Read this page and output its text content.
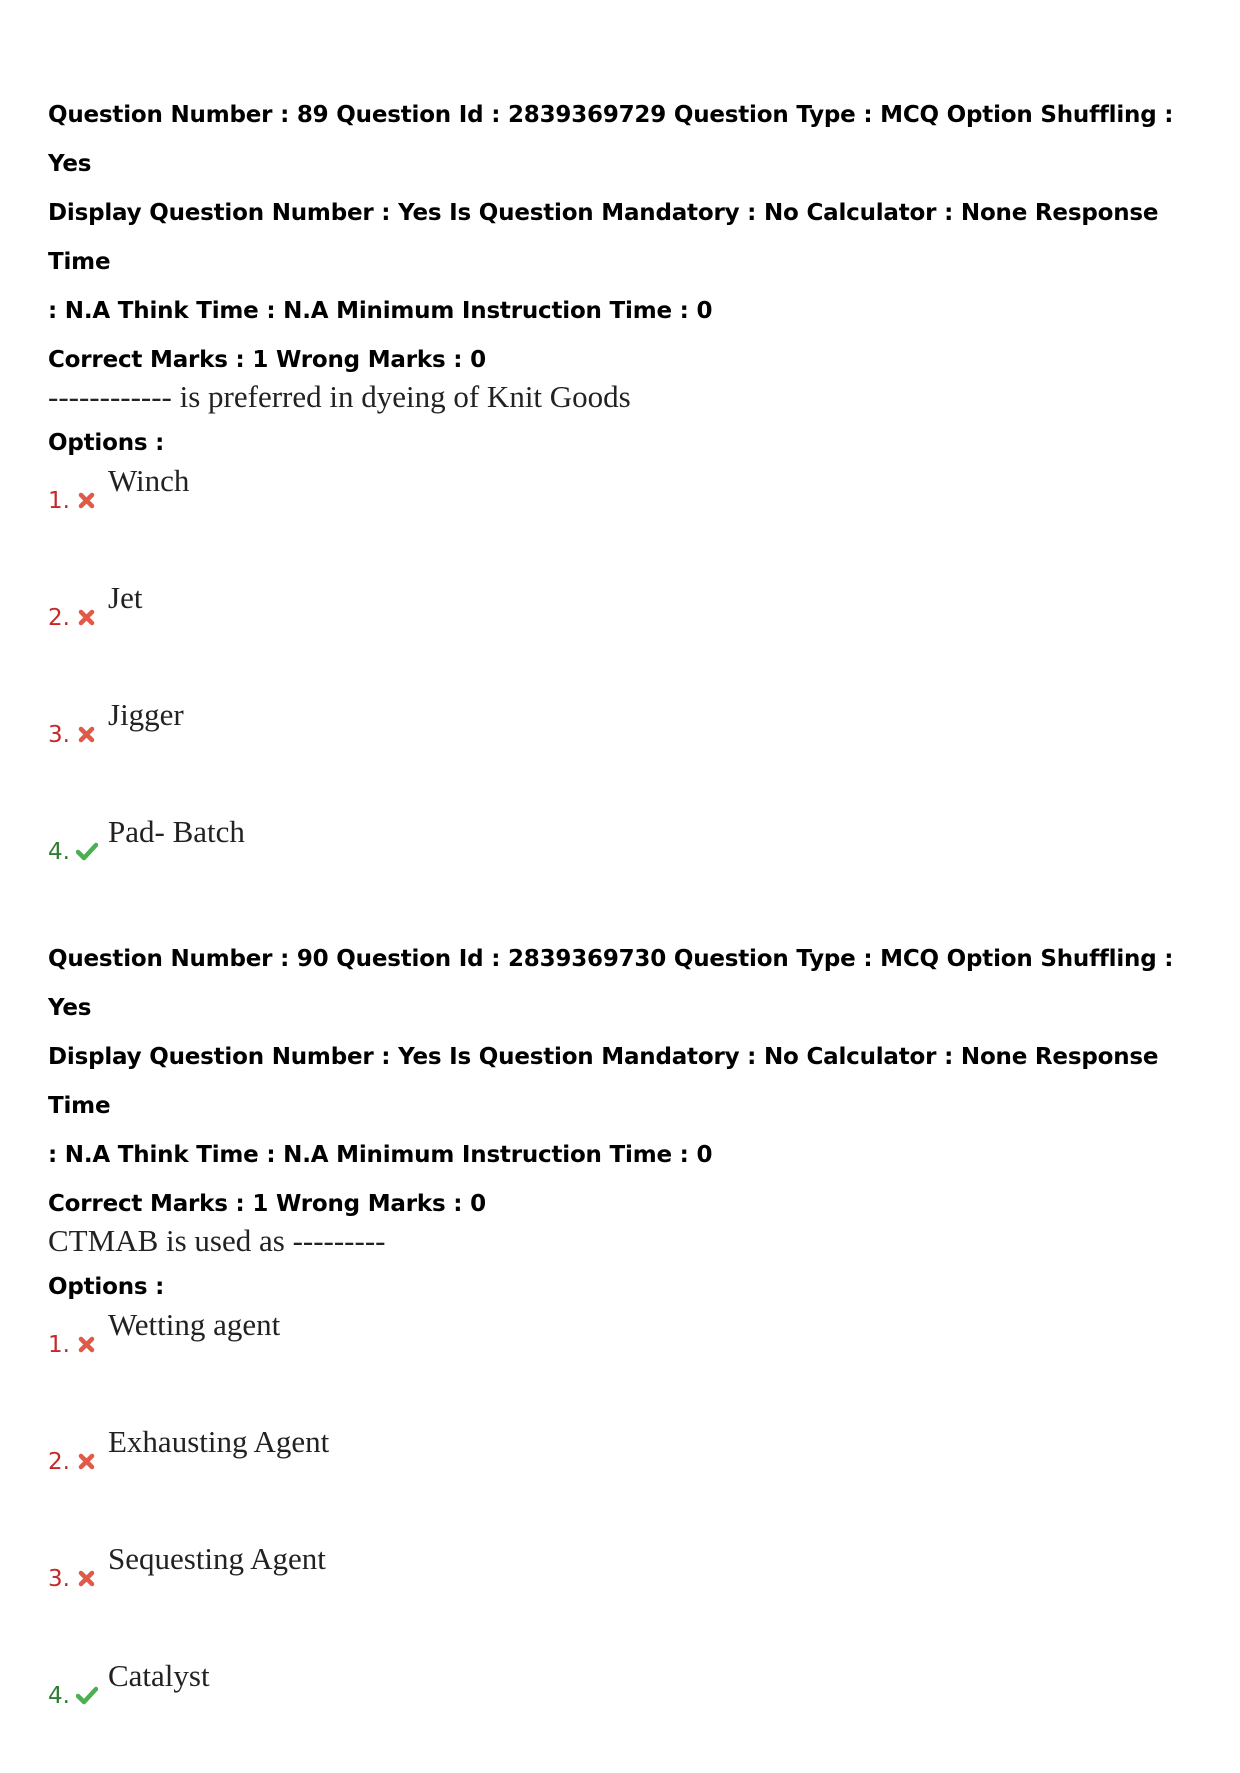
Question Number : 89 Question Id : 2839369729 Question Type : MCQ Option Shuffling : Yes
Display Question Number : Yes Is Question Mandatory : No Calculator : None Response Time
: N.A Think Time : N.A Minimum Instruction Time : 0
Correct Marks : 1 Wrong Marks : 0
------------ is preferred in dyeing of Knit Goods
Options :
1.
Winch
2.
Jet
3.
Jigger
4.
Pad- Batch
Question Number : 90 Question Id : 2839369730 Question Type : MCQ Option Shuffling : Yes
Display Question Number : Yes Is Question Mandatory : No Calculator : None Response Time
: N.A Think Time : N.A Minimum Instruction Time : 0
Correct Marks : 1 Wrong Marks : 0
CTMAB is used as ---------
Options :
1.
Wetting agent
2.
Exhausting Agent
3.
Sequesting Agent
4.
Catalyst
